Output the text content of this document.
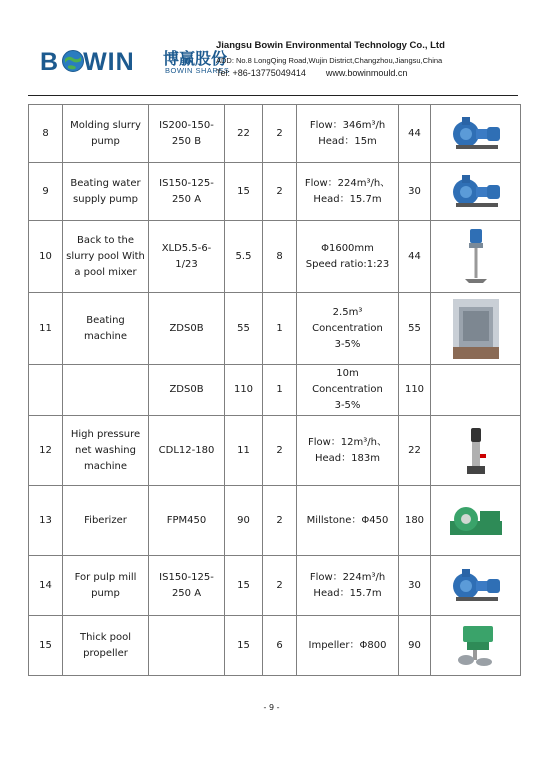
B WIN 博赢股份
BOWIN SHARES
Jiangsu Bowin Environmental Technology Co., Ltd
ADD: No.8 LongQing Road,Wujin District,Changzhou,Jiangsu,China
Tel: +86-13775049414 www.bowinmould.cn
8	Molding slurry pump	IS200-150-250 B	22	2	Flow：346m³/h
Head：15m	44	

9	Beating water supply pump	IS150-125-250 A	15	2	Flow：224m³/h、
Head：15.7m	30	

10	Back to the slurry pool With a pool mixer	XLD5.5-6-1/23	5.5	8	Φ1600mm
Speed ratio:1:23	44	

11	Beating machine	ZDS0B	55	1	2.5m³
Concentration
3-5%	55	

		ZDS0B	110	1	10m Concentration
3-5%	110	
12	High pressure net washing machine	CDL12-180	11	2	Flow：12m³/h、
Head：183m	22	

13	Fiberizer	FPM450	90	2	Millstone：Φ450	180	

14	For pulp mill pump	IS150-125-250 A	15	2	Flow：224m³/h
Head：15.7m	30	

15	Thick pool propeller		15	6	Impeller：Φ800	90	
- 9 -
